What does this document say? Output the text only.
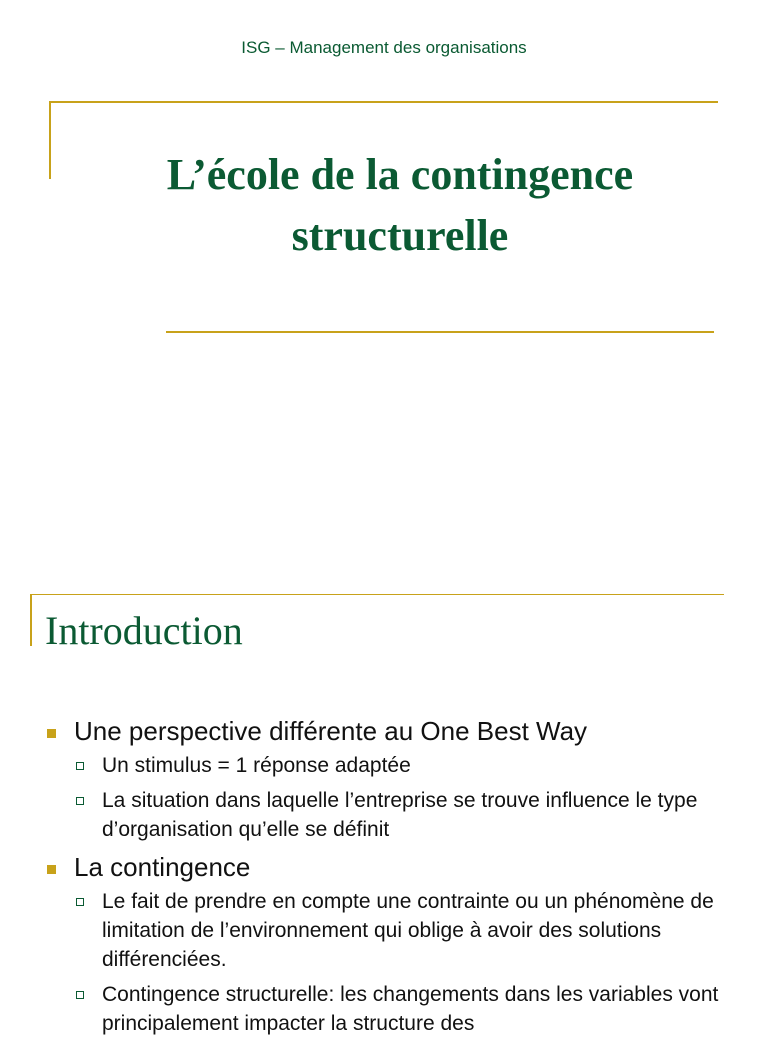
ISG – Management des organisations
L’école de la contingence
structurelle
Introduction
Une perspective différente au One Best Way
Un stimulus = 1 réponse adaptée
La situation dans laquelle l’entreprise se trouve influence le type d’organisation qu’elle se définit
La contingence
Le fait de prendre en compte une contrainte ou un phénomène de limitation de l’environnement qui oblige à avoir des solutions différenciées.
Contingence structurelle: les changements dans les variables vont principalement impacter la structure des
